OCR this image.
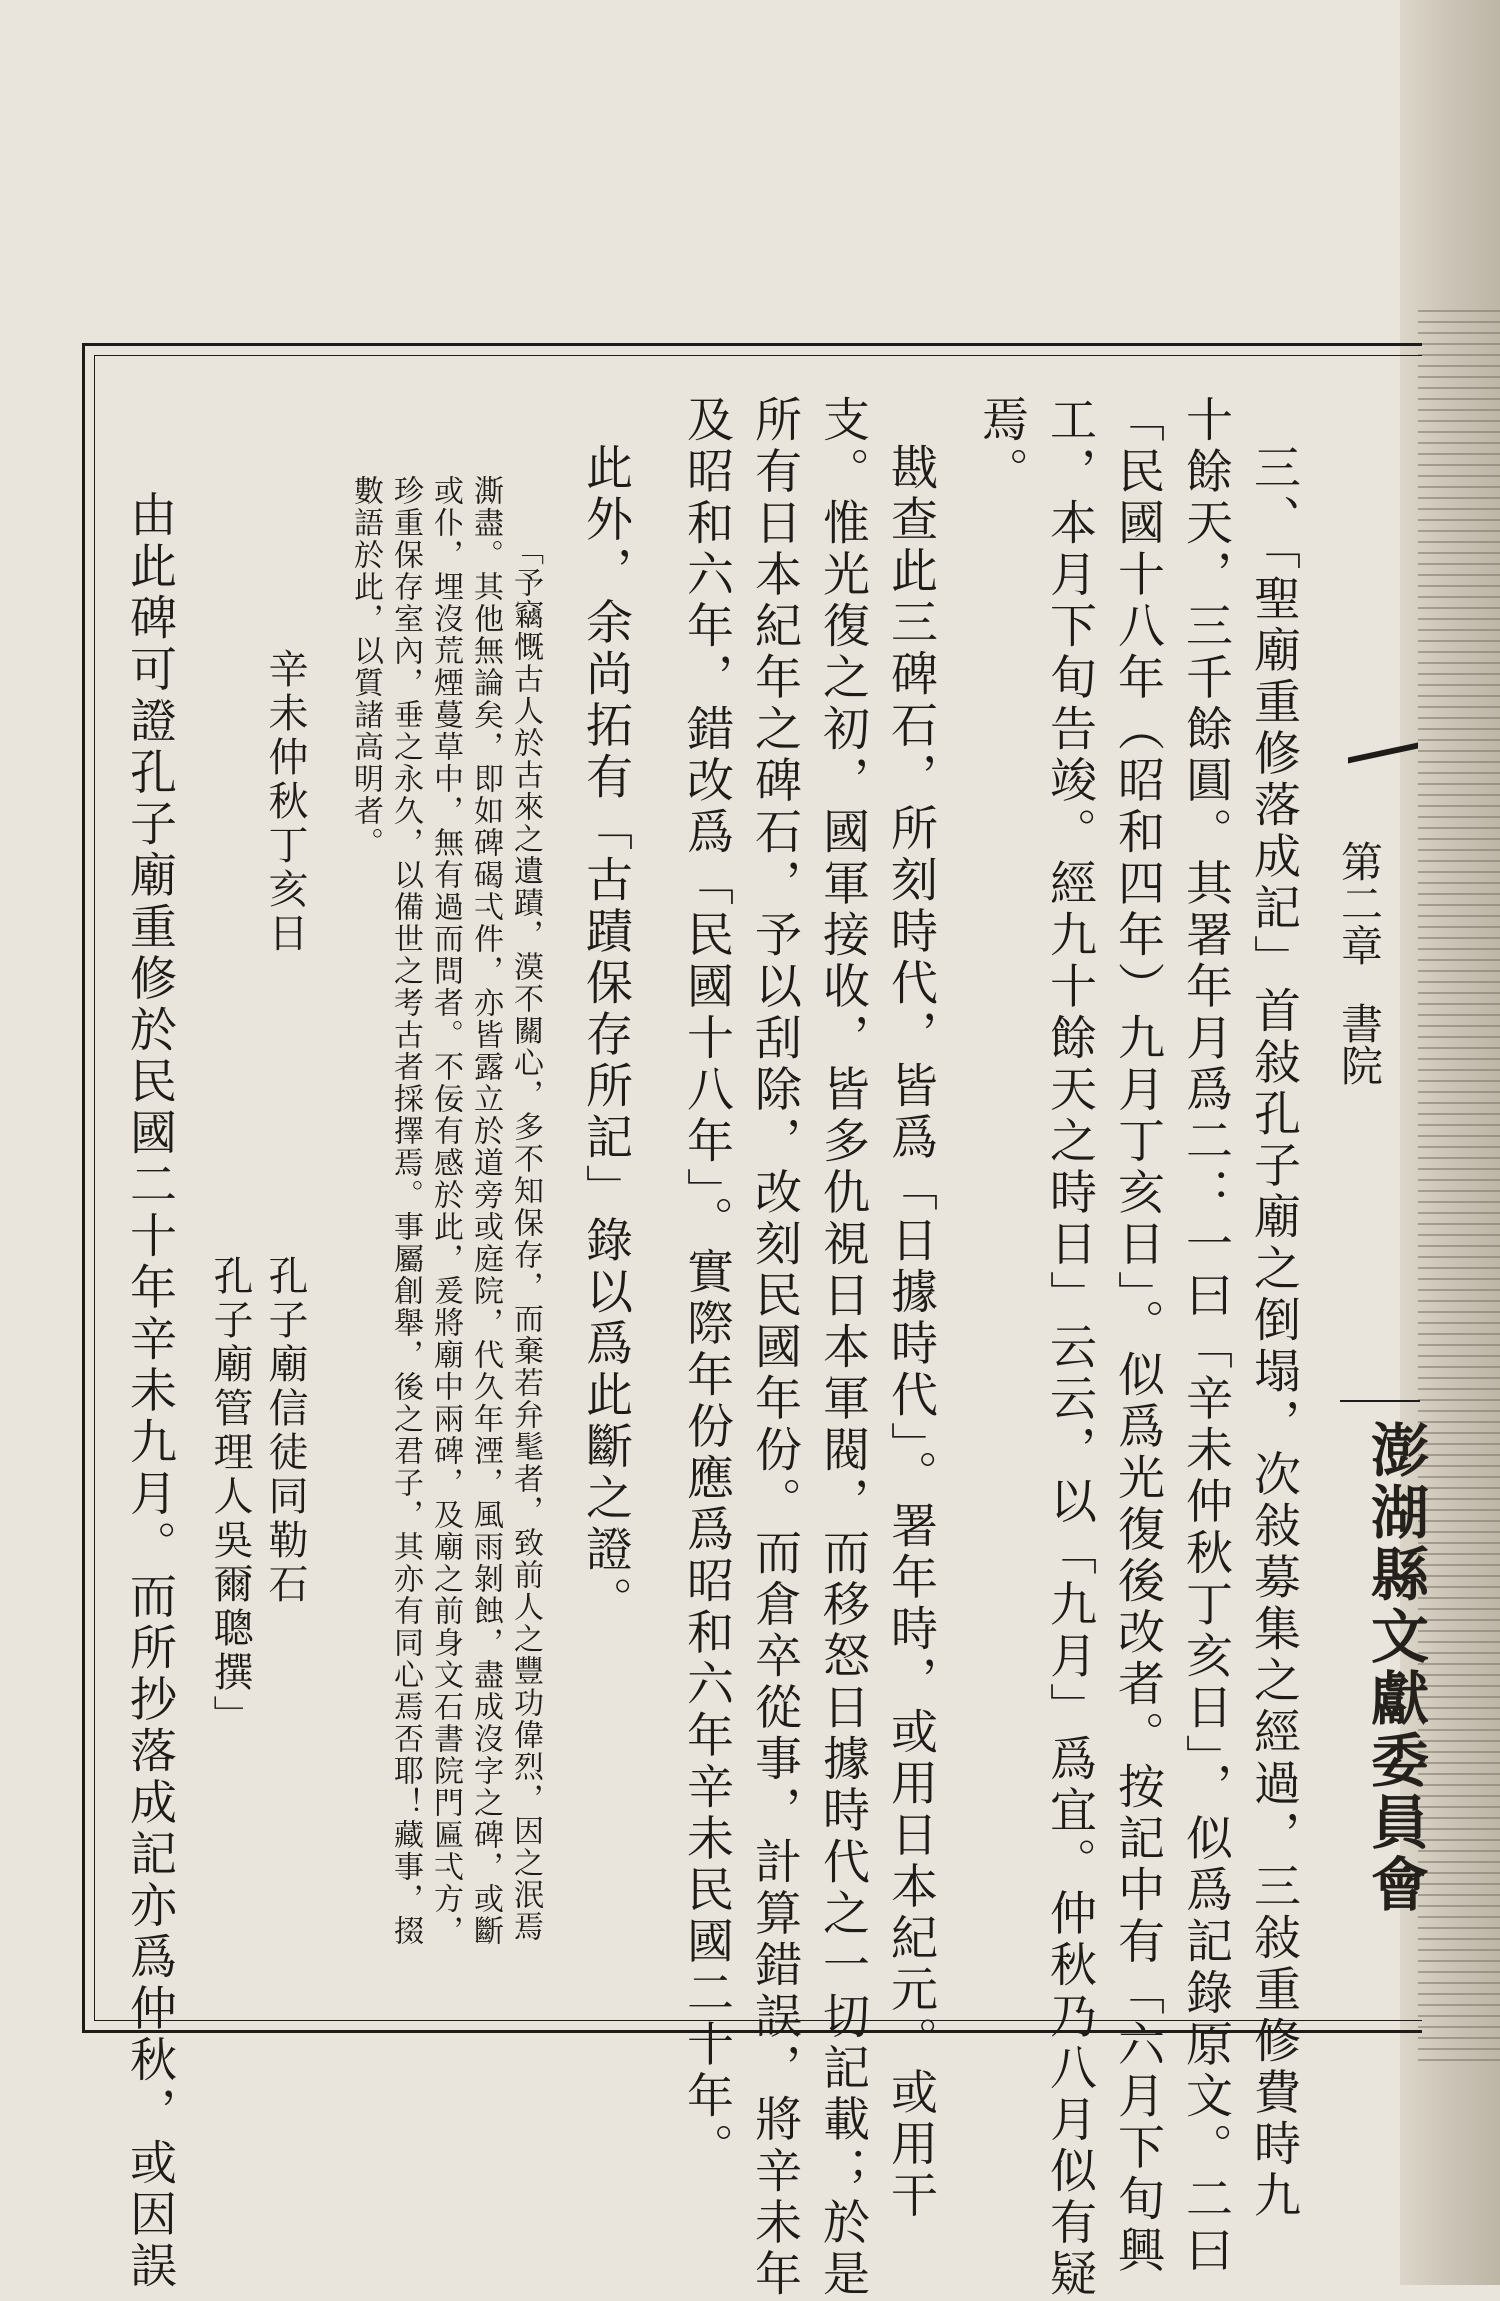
第二章書院
澎湖縣文獻委員會
三、「聖廟重修落成記」首敍孔子廟之倒塌，次敍募集之經過，三敍重修費時九
十餘天，三千餘圓。其署年月爲二：一曰「辛未仲秋丁亥日」，似爲記錄原文。二曰
「民國十八年（昭和四年）九月丁亥日」。似爲光復後改者。按記中有「六月下旬興
工，本月下旬告竣。經九十餘天之時日」云云，以「九月」爲宜。仲秋乃八月似有疑
焉。
戡查此三碑石，所刻時代，皆爲「日據時代」。署年時，或用日本紀元。或用干
支。惟光復之初，國軍接收，皆多仇視日本軍閥，而移怒日據時代之一切記載；於是
所有日本紀年之碑石，予以刮除，改刻民國年份。而倉卒從事，計算錯誤，將辛未年
及昭和六年，錯改爲「民國十八年」。實際年份應爲昭和六年辛未民國二十年。
此外，余尚拓有「古蹟保存所記」錄以爲此斷之證。
「予竊慨古人於古來之遺蹟，漠不關心，多不知保存，而棄若弁髦者，致前人之豐功偉烈，因之泯焉
澌盡。其他無論矣，即如碑碣弌件，亦皆露立於道旁或庭院，代久年湮，風雨剝蝕，盡成沒字之碑，或斷
或仆，埋沒荒煙蔓草中，無有過而問者。不佞有感於此，爰將廟中兩碑，及廟之前身文石書院門匾弌方，
珍重保存室內，垂之永久，以備世之考古者採擇焉。事屬創舉，後之君子，其亦有同心焉否耶！藏事，掇
數語於此，以質諸高明者。
辛未仲秋丁亥日
孔子廟信徒同勒石
孔子廟管理人吳爾聰撰」
由此碑可證孔子廟重修於民國二十年辛未九月。而所抄落成記亦爲仲秋，或因誤
